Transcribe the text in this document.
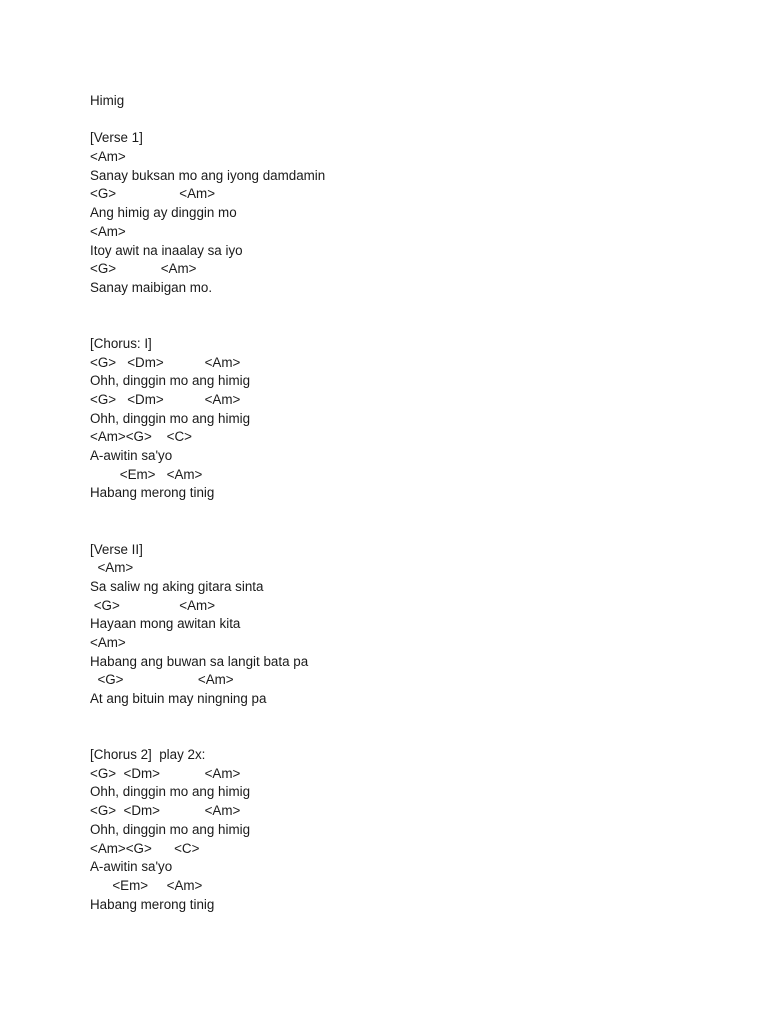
Himig
[Verse 1]
<Am>
Sanay buksan mo ang iyong damdamin
<G>                 <Am>
Ang himig ay dinggin mo
<Am>
Itoy awit na inaalay sa iyo
<G>            <Am>
Sanay maibigan mo.
[Chorus: I]
<G>   <Dm>           <Am>
Ohh, dinggin mo ang himig
<G>   <Dm>           <Am>
Ohh, dinggin mo ang himig
<Am><G>    <C>
A-awitin sa'yo
<Em>   <Am>
Habang merong tinig
[Verse II]
<Am>
Sa saliw ng aking gitara sinta
<G>                <Am>
Hayaan mong awitan kita
<Am>
Habang ang buwan sa langit bata pa
<G>                    <Am>
At ang bituin may ningning pa
[Chorus 2]  play 2x:
<G>  <Dm>            <Am>
Ohh, dinggin mo ang himig
<G>  <Dm>            <Am>
Ohh, dinggin mo ang himig
<Am><G>      <C>
A-awitin sa'yo
<Em>     <Am>
Habang merong tinig
